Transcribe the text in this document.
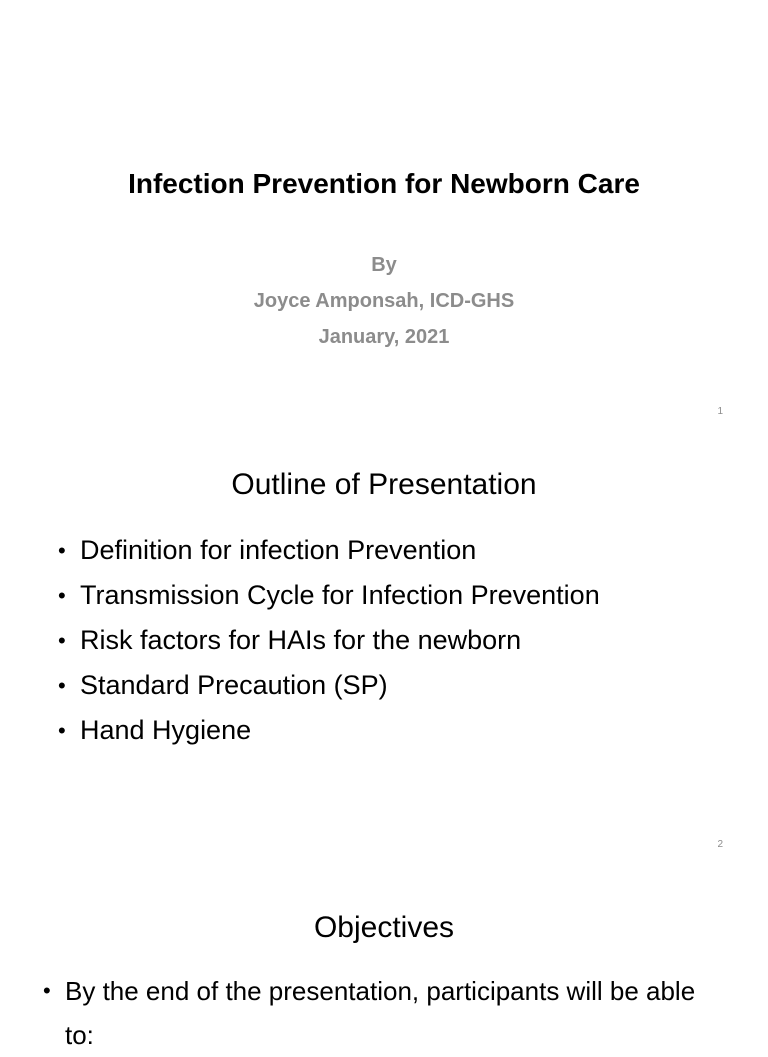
Infection Prevention for Newborn Care
By
Joyce Amponsah, ICD-GHS
January, 2021
1
Outline of Presentation
• Definition for infection Prevention
• Transmission Cycle for Infection Prevention
• Risk factors for HAIs for the newborn
• Standard Precaution (SP)
• Hand Hygiene
2
Objectives
• By the end of the presentation, participants will be able
to:
